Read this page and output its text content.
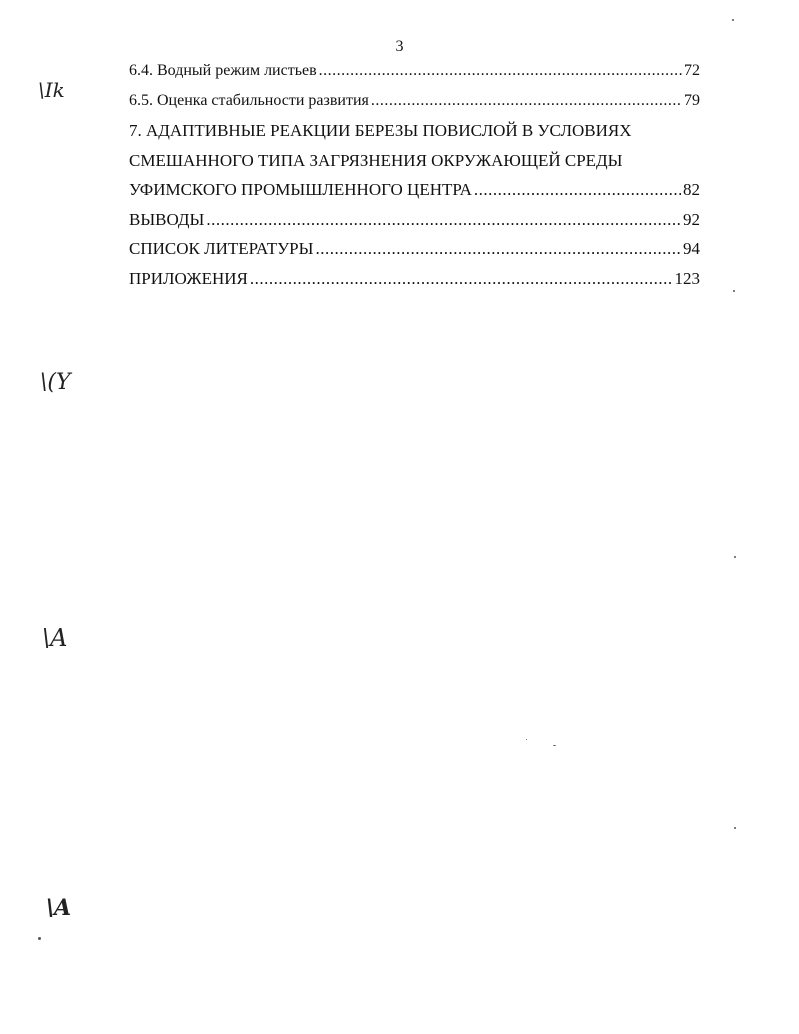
3
6.4. Водный режим листьев .....	72
6.5. Оценка стабильности развития .....	79
7. АДАПТИВНЫЕ РЕАКЦИИ БЕРЕЗЫ ПОВИСЛОЙ В УСЛОВИЯХ
СМЕШАННОГО ТИПА ЗАГРЯЗНЕНИЯ ОКРУЖАЮЩЕЙ СРЕДЫ
УФИМСКОГО ПРОМЫШЛЕННОГО ЦЕНТРА .....	82
ВЫВОДЫ .....	92
СПИСОК ЛИТЕРАТУРЫ .....	94
ПРИЛОЖЕНИЯ .....	123
\Ik
\(Y
\A
\A
